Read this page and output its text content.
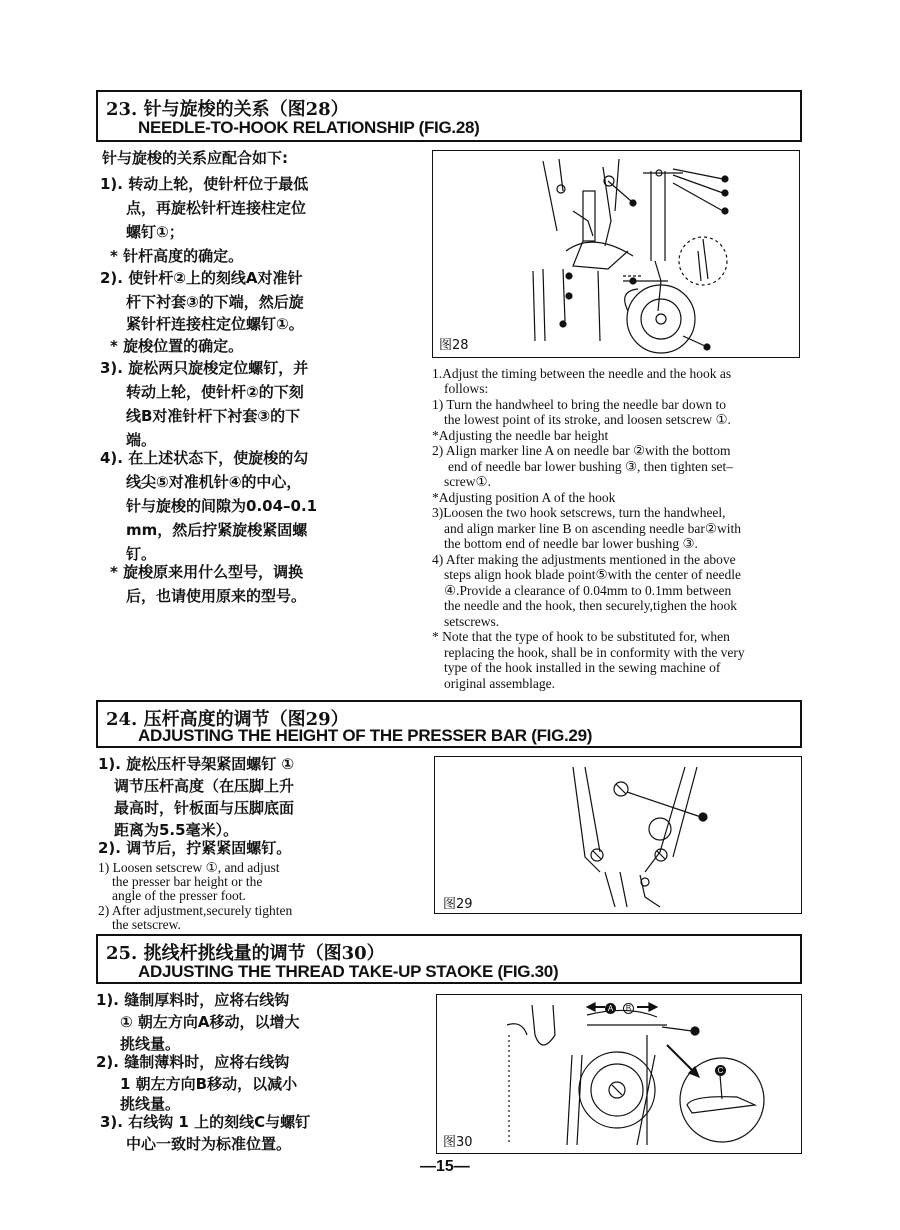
23. 针与旋梭的关系（图28）
NEEDLE-TO-HOOK RELATIONSHIP (FIG.28)
针与旋梭的关系应配合如下:
1). 转动上轮，使针杆位于最低
点，再旋松针杆连接柱定位
螺钉①；
* 针杆高度的确定。
2). 使针杆②上的刻线A对准针
杆下衬套③的下端，然后旋
紧针杆连接柱定位螺钉①。
* 旋梭位置的确定。
3). 旋松两只旋梭定位螺钉，并
转动上轮，使针杆②的下刻
线B对准针杆下衬套③的下
端。
4). 在上述状态下，使旋梭的勾
线尖⑤对准机针④的中心，
针与旋梭的间隙为0.04–0.1
mm，然后拧紧旋梭紧固螺
钉。
* 旋梭原来用什么型号，调换
后，也请使用原来的型号。
图28
1.Adjust the timing between the needle and the hook as
follows:
1) Turn the handwheel to bring the needle bar down to
the lowest point of its stroke, and loosen setscrew ①.
*Adjusting the needle bar height
2) Align marker line A on needle bar ②with the bottom
end of needle bar lower bushing ③, then tighten set–
screw①.
*Adjusting position A of the hook
3)Loosen the two hook setscrews, turn the handwheel,
and align marker line B on ascending needle bar②with
the bottom end of needle bar lower bushing ③.
4) After making the adjustments mentioned in the above
steps align hook blade point⑤with the center of needle
④.Provide a clearance of 0.04mm to 0.1mm between
the needle and the hook, then securely,tighen the hook
setscrews.
* Note that the type of hook to be substituted for, when
replacing the hook, shall be in conformity with the very
type of the hook installed in the sewing machine of
original assemblage.
24. 压杆高度的调节（图29）
ADJUSTING THE HEIGHT OF THE PRESSER BAR (FIG.29)
1). 旋松压杆导架紧固螺钉 ①
调节压杆高度（在压脚上升
最高时，针板面与压脚底面
距离为5.5毫米）。
2). 调节后，拧紧紧固螺钉。
1) Loosen setscrew ①, and adjust
the presser bar height or the
angle of the presser foot.
2) After adjustment,securely tighten
the setscrew.
图29
25. 挑线杆挑线量的调节（图30）
ADJUSTING THE THREAD TAKE-UP STAOKE (FIG.30)
1). 缝制厚料时，应将右线钩
① 朝左方向A移动，以增大
挑线量。
2). 缝制薄料时，应将右线钩
1 朝左方向B移动，以减小
挑线量。
3). 右线钩 1 上的刻线C与螺钉
中心一致时为标准位置。
A	B
C
图30
—15—
